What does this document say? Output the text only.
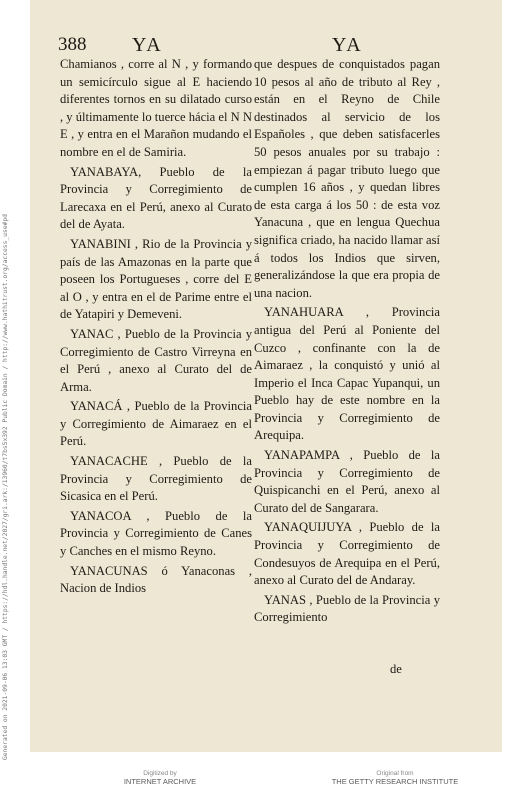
388 YA	YA

Chamianos , corre al N , y formando un semicírculo sigue al E haciendo diferentes tornos en su dilatado curso , y últimamente lo tuerce hácia el N N E , y entra en el Marañon mudando el nombre en el de Samiria.

YANABAYA, Pueblo de la Provincia y Corregimiento de Larecaxa en el Perú, anexo al Curato del de Ayata.

YANABINI , Rio de la Provincia y país de las Amazonas en la parte que poseen los Portugueses , corre del E al O , y entra en el de Parime entre el de Yatapiri y Demeveni.

YANAC , Pueblo de la Provincia y Corregimiento de Castro Virreyna en el Perú , anexo al Curato del de Arma.

YANACÁ , Pueblo de la Provincia y Corregimiento de Aimaraez en el Perú.

YANACACHE , Pueblo de la Provincia y Corregimiento de Sicasica en el Perú.

YANACOA , Pueblo de la Provincia y Corregimiento de Canes y Canches en el mismo Reyno.

YANACUNAS ó Yanaconas , Nacion de Indios

que despues de conquistados pagan 10 pesos al año de tributo al Rey , están en el Reyno de Chile destinados al servicio de los Españoles , que deben satisfacerles 50 pesos anuales por su trabajo : empiezan á pagar tributo luego que cumplen 16 años , y quedan libres de esta carga á los 50 : de esta voz Yanacuna , que en lengua Quechua significa criado, ha nacido llamar así á todos los Indios que sirven, generalizándose la que era propia de una nacion.

YANAHUARA , Provincia antigua del Perú al Poniente del Cuzco , confinante con la de Aimaraez , la conquistó y unió al Imperio el Inca Capac Yupanqui, un Pueblo hay de este nombre en la Provincia y Corregimiento de Arequipa.

YANAPAMPA , Pueblo de la Provincia y Corregimiento de Quispicanchi en el Perú, anexo al Curato del de Sangarara.

YANAQUIJUYA , Pueblo de la Provincia y Corregimiento de Condesuyos de Arequipa en el Perú, anexo al Curato del de Andaray.

YANAS , Pueblo de la Provincia y Corregimiento

de
Digitized by
INTERNET ARCHIVE
Original from
THE GETTY RESEARCH INSTITUTE
Generated on 2021-09-06 13:03 GMT / https://hdl.handle.net/2027/gri.ark:/13960/t7bs5x392 Public Domain / http://www.hathitrust.org/access_use#pd
